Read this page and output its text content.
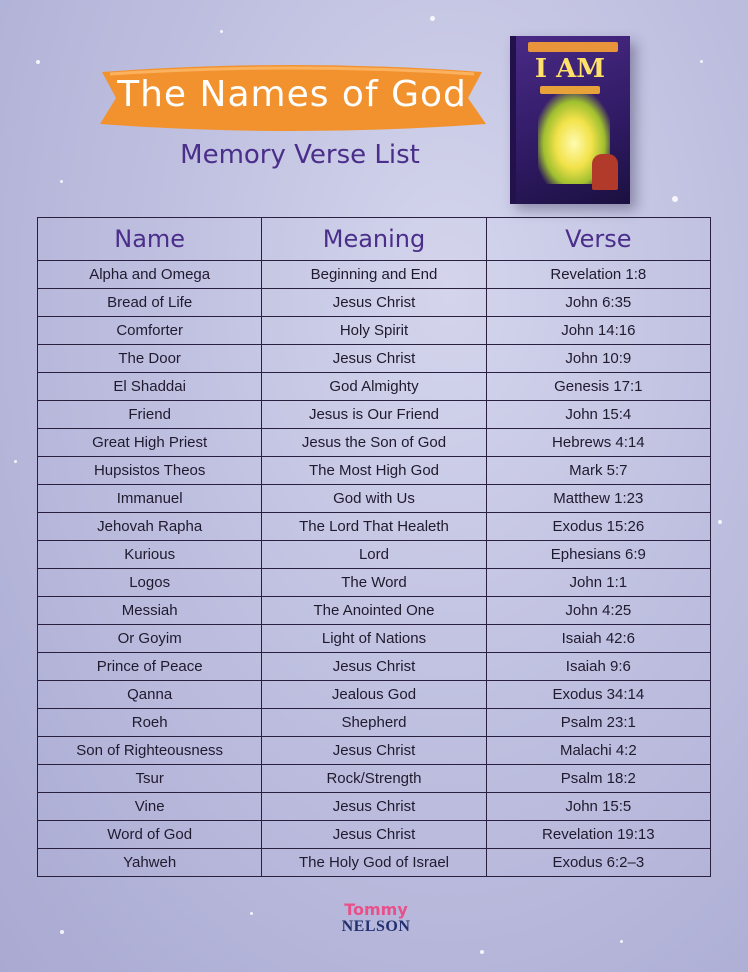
The Names of God
Memory Verse List
I AM
Name	Meaning	Verse
Alpha and Omega	Beginning and End	Revelation 1:8
Bread of Life	Jesus Christ	John 6:35
Comforter	Holy Spirit	John 14:16
The Door	Jesus Christ	John 10:9
El Shaddai	God Almighty	Genesis 17:1
Friend	Jesus is Our Friend	John 15:4
Great High Priest	Jesus the Son of God	Hebrews 4:14
Hupsistos Theos	The Most High God	Mark 5:7
Immanuel	God with Us	Matthew 1:23
Jehovah Rapha	The Lord That Healeth	Exodus 15:26
Kurious	Lord	Ephesians 6:9
Logos	The Word	John 1:1
Messiah	The Anointed One	John 4:25
Or Goyim	Light of Nations	Isaiah 42:6
Prince of Peace	Jesus Christ	Isaiah 9:6
Qanna	Jealous God	Exodus 34:14
Roeh	Shepherd	Psalm 23:1
Son of Righteousness	Jesus Christ	Malachi 4:2
Tsur	Rock/Strength	Psalm 18:2
Vine	Jesus Christ	John 15:5
Word of God	Jesus Christ	Revelation 19:13
Yahweh	The Holy God of Israel	Exodus 6:2–3
Tommy
NELSON
